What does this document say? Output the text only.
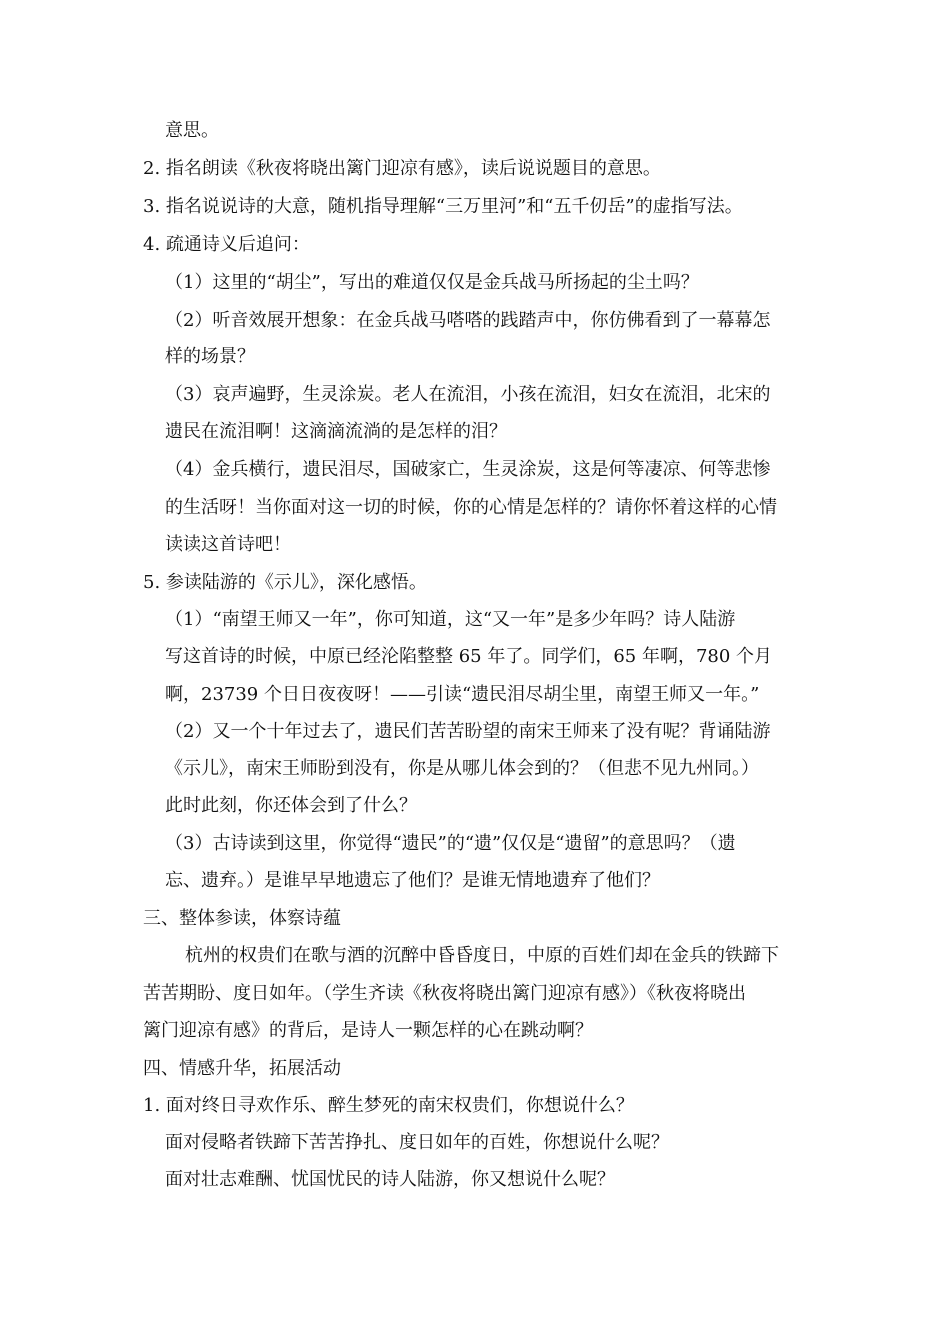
意思。
2. 指名朗读《秋夜将晓出篱门迎凉有感》，读后说说题目的意思。
3. 指名说说诗的大意，随机指导理解“三万里河”和“五千仞岳”的虚指写法。
4. 疏通诗义后追问：
（1）这里的“胡尘”，写出的难道仅仅是金兵战马所扬起的尘土吗？
（2）听音效展开想象：在金兵战马嗒嗒的践踏声中，你仿佛看到了一幕幕怎
样的场景？
（3）哀声遍野，生灵涂炭。老人在流泪，小孩在流泪，妇女在流泪，北宋的
遗民在流泪啊！这滴滴流淌的是怎样的泪？
（4）金兵横行，遗民泪尽，国破家亡，生灵涂炭，这是何等凄凉、何等悲惨
的生活呀！当你面对这一切的时候，你的心情是怎样的？请你怀着这样的心情
读读这首诗吧！
5. 参读陆游的《示儿》，深化感悟。
（1）“南望王师又一年”，你可知道，这“又一年”是多少年吗？诗人陆游
写这首诗的时候，中原已经沦陷整整 65 年了。同学们，65 年啊，780 个月
啊，23739 个日日夜夜呀！——引读“遗民泪尽胡尘里，南望王师又一年。”
（2）又一个十年过去了，遗民们苦苦盼望的南宋王师来了没有呢？背诵陆游
《示儿》，南宋王师盼到没有，你是从哪儿体会到的？（但悲不见九州同。）
此时此刻，你还体会到了什么？
（3）古诗读到这里，你觉得“遗民”的“遗”仅仅是“遗留”的意思吗？（遗
忘、遗弃。）是谁早早地遗忘了他们？是谁无情地遗弃了他们？
三、整体参读，体察诗蕴
杭州的权贵们在歌与酒的沉醉中昏昏度日，中原的百姓们却在金兵的铁蹄下
苦苦期盼、度日如年。（学生齐读《秋夜将晓出篱门迎凉有感》）《秋夜将晓出
篱门迎凉有感》的背后，是诗人一颗怎样的心在跳动啊？
四、情感升华，拓展活动
1. 面对终日寻欢作乐、醉生梦死的南宋权贵们，你想说什么？
面对侵略者铁蹄下苦苦挣扎、度日如年的百姓，你想说什么呢？
面对壮志难酬、忧国忧民的诗人陆游，你又想说什么呢？
